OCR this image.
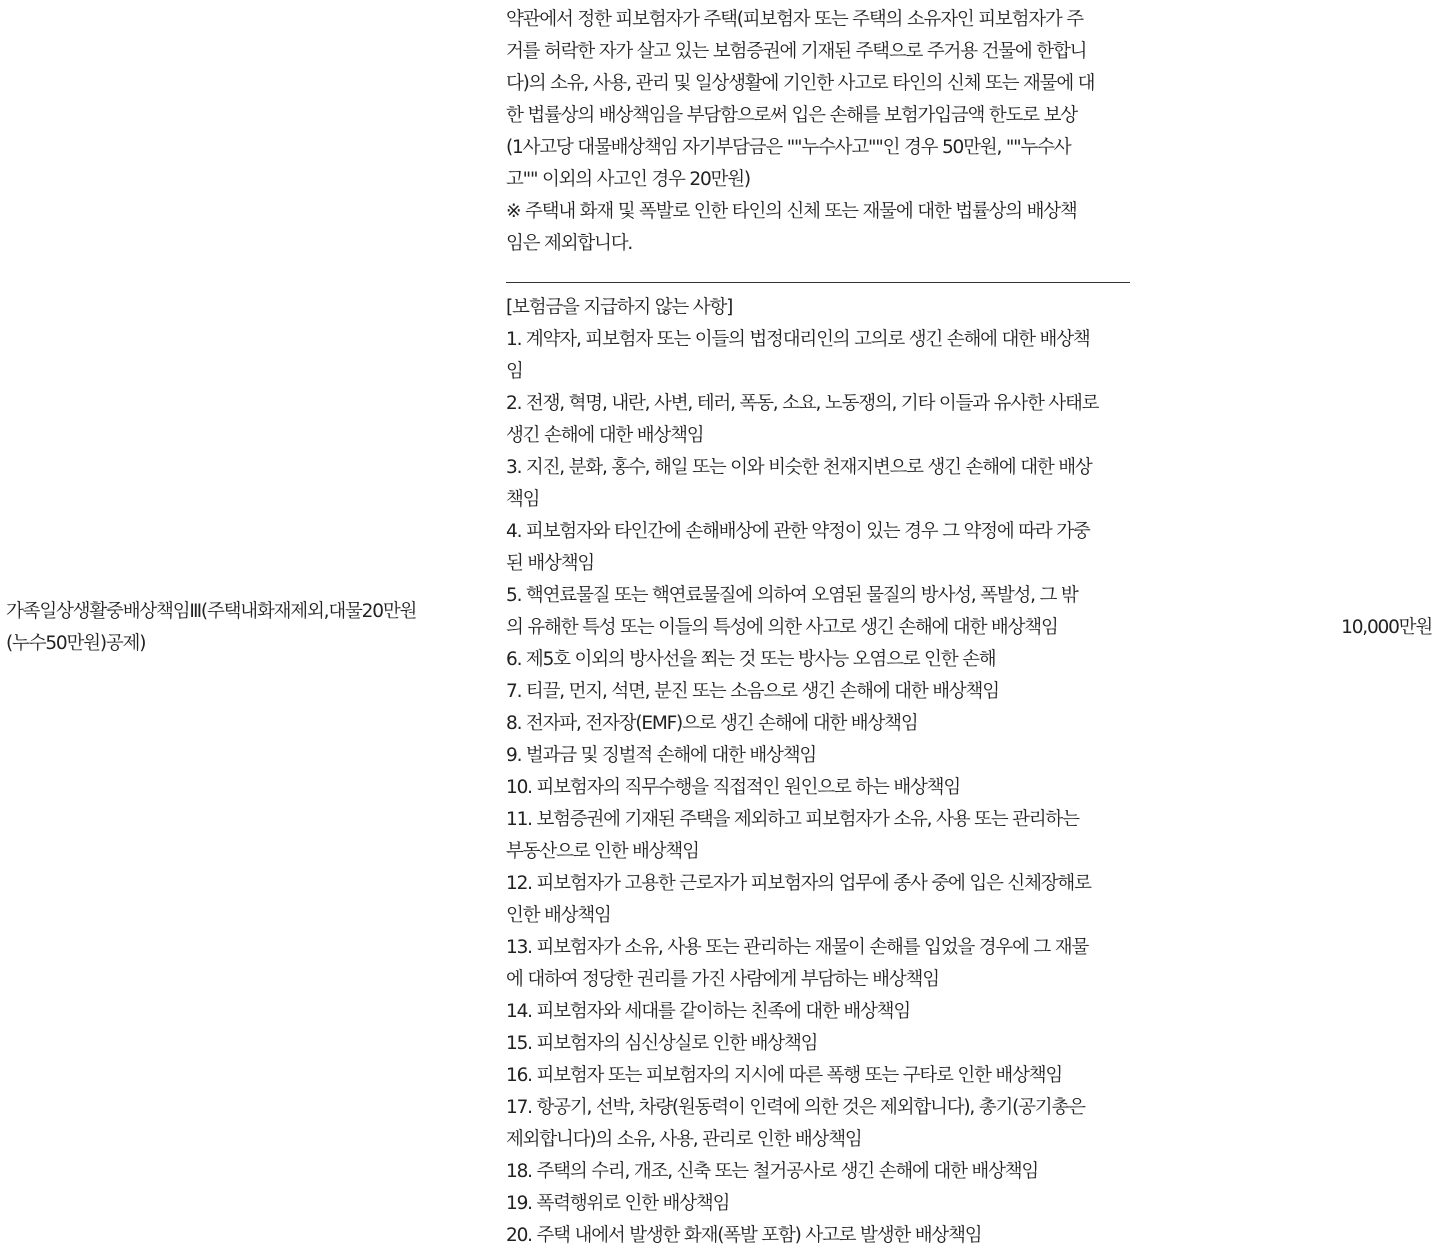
가족일상생활중배상책임Ⅲ(주택내화재제외,대물20만원(누수50만원)공제)
약관에서 정한 피보험자가 주택(피보험자 또는 주택의 소유자인 피보험자가 주
거를 허락한 자가 살고 있는 보험증권에 기재된 주택으로 주거용 건물에 한합니
다)의 소유, 사용, 관리 및 일상생활에 기인한 사고로 타인의 신체 또는 재물에 대
한 법률상의 배상책임을 부담함으로써 입은 손해를 보험가입금액 한도로 보상
(1사고당 대물배상책임 자기부담금은 ""누수사고""인 경우 50만원, ""누수사
고"" 이외의 사고인 경우 20만원)
※ 주택내 화재 및 폭발로 인한 타인의 신체 또는 재물에 대한 법률상의 배상책
임은 제외합니다.
[보험금을 지급하지 않는 사항]
1. 계약자, 피보험자 또는 이들의 법정대리인의 고의로 생긴 손해에 대한 배상책
임
2. 전쟁, 혁명, 내란, 사변, 테러, 폭동, 소요, 노동쟁의, 기타 이들과 유사한 사태로
생긴 손해에 대한 배상책임
3. 지진, 분화, 홍수, 해일 또는 이와 비슷한 천재지변으로 생긴 손해에 대한 배상
책임
4. 피보험자와 타인간에 손해배상에 관한 약정이 있는 경우 그 약정에 따라 가중
된 배상책임
5. 핵연료물질 또는 핵연료물질에 의하여 오염된 물질의 방사성, 폭발성, 그 밖
의 유해한 특성 또는 이들의 특성에 의한 사고로 생긴 손해에 대한 배상책임
6. 제5호 이외의 방사선을 쬐는 것 또는 방사능 오염으로 인한 손해
7. 티끌, 먼지, 석면, 분진 또는 소음으로 생긴 손해에 대한 배상책임
8. 전자파, 전자장(EMF)으로 생긴 손해에 대한 배상책임
9. 벌과금 및 징벌적 손해에 대한 배상책임
10. 피보험자의 직무수행을 직접적인 원인으로 하는 배상책임
11. 보험증권에 기재된 주택을 제외하고 피보험자가 소유, 사용 또는 관리하는
부동산으로 인한 배상책임
12. 피보험자가 고용한 근로자가 피보험자의 업무에 종사 중에 입은 신체장해로
인한 배상책임
13. 피보험자가 소유, 사용 또는 관리하는 재물이 손해를 입었을 경우에 그 재물
에 대하여 정당한 권리를 가진 사람에게 부담하는 배상책임
14. 피보험자와 세대를 같이하는 친족에 대한 배상책임
15. 피보험자의 심신상실로 인한 배상책임
16. 피보험자 또는 피보험자의 지시에 따른 폭행 또는 구타로 인한 배상책임
17. 항공기, 선박, 차량(원동력이 인력에 의한 것은 제외합니다), 총기(공기총은
제외합니다)의 소유, 사용, 관리로 인한 배상책임
18. 주택의 수리, 개조, 신축 또는 철거공사로 생긴 손해에 대한 배상책임
19. 폭력행위로 인한 배상책임
20. 주택 내에서 발생한 화재(폭발 포함) 사고로 발생한 배상책임
10,000만원
